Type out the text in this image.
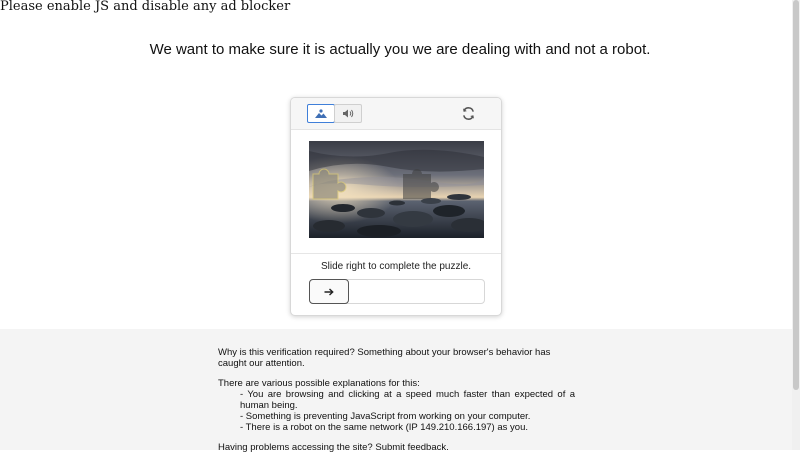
Please enable JS and disable any ad blocker

We want to make sure it is actually you we are dealing with and not a robot.
Slide right to complete the puzzle.

Why is this verification required? Something about your browser's behavior has caught our attention.

There are various possible explanations for this:

- You are browsing and clicking at a speed much faster than expected of a human being.
- Something is preventing JavaScript from working on your computer.
- There is a robot on the same network (IP 149.210.166.197) as you.

Having problems accessing the site? Submit feedback.
